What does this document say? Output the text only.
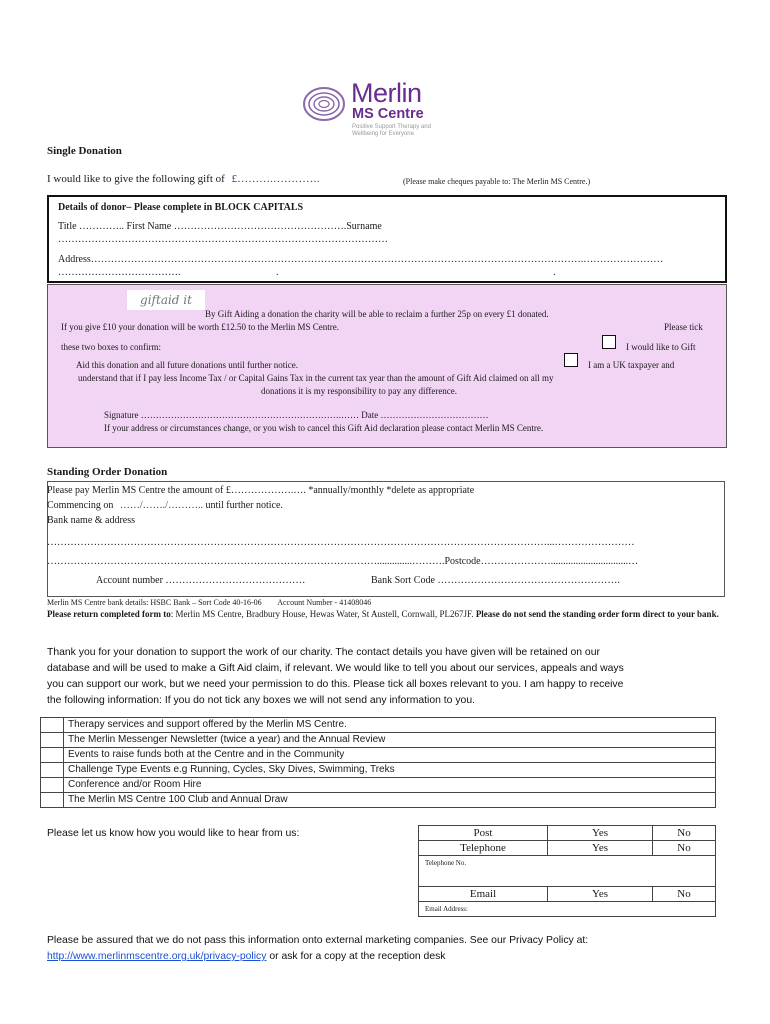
Merlin
MS Centre
Positive Support Therapy and Wellbeing for Everyone
Single Donation
I would like to give the following gift of £……….………….	(Please make cheques payable to: The Merlin MS Centre.)
Details of donor– Please complete in BLOCK CAPITALS
Title ………….. First Name …………………………………………….Surname
………………………………………………………………………………………
Address………………………………………………………………………………………………………………………………….……………………
……………………………….	.	.
giftaid it
By Gift Aiding a donation the charity will be able to reclaim a further 25p on every £1 donated.
If you give £10 your donation will be worth £12.50 to the Merlin MS Centre.	Please tick
these two boxes to confirm:	I would like to Gift
Aid this donation and all future donations until further notice.	I am a UK taxpayer and
understand that if I pay less Income Tax / or Capital Gains Tax in the current tax year than the amount of Gift Aid claimed on all my
donations it is my responsibility to pay any difference.
Signature ………………………………………………………….…… Date ………………………………
If your address or circumstances change, or you wish to cancel this Gift Aid declaration please contact Merlin MS Centre.
Standing Order Donation
Please pay Merlin MS Centre the amount of £……………….…. *annually/monthly *delete as appropriate
Commencing on ……/……./……….. until further notice.
Bank name & address
……………………………………………………………………………………………………………………………………...……………………
………………………………………………………………………………………..............……….Postcode…………………...............................…
Account number ……………………………………	Bank Sort Code ……………………………………………….
Merlin MS Centre bank details: HSBC Bank – Sort Code 40-16-06        Account Number - 41408046
Please return completed form to: Merlin MS Centre, Bradbury House, Hewas Water, St Austell, Cornwall, PL267JF. Please do not send the standing order form direct to your bank.
Thank you for your donation to support the work of our charity. The contact details you have given will be retained on our
database and will be used to make a Gift Aid claim, if relevant. We would like to tell you about our services, appeals and ways
you can support our work, but we need your permission to do this. Please tick all boxes relevant to you. I am happy to receive
the following information: If you do not tick any boxes we will not send any information to you.
	Therapy services and support offered by the Merlin MS Centre.
	The Merlin Messenger Newsletter (twice a year) and the Annual Review
	Events to raise funds both at the Centre and in the Community
	Challenge Type Events e.g Running, Cycles, Sky Dives, Swimming, Treks
	Conference and/or Room Hire
	The Merlin MS Centre 100 Club and Annual Draw
Please let us know how you would like to hear from us:	Post	Yes	No
Telephone	Yes	No
Telephone No.		
Email	Yes	No
Email Address:		
Please be assured that we do not pass this information onto external marketing companies. See our Privacy Policy at:
http://www.merlinmscentre.org.uk/privacy-policy or ask for a copy at the reception desk
